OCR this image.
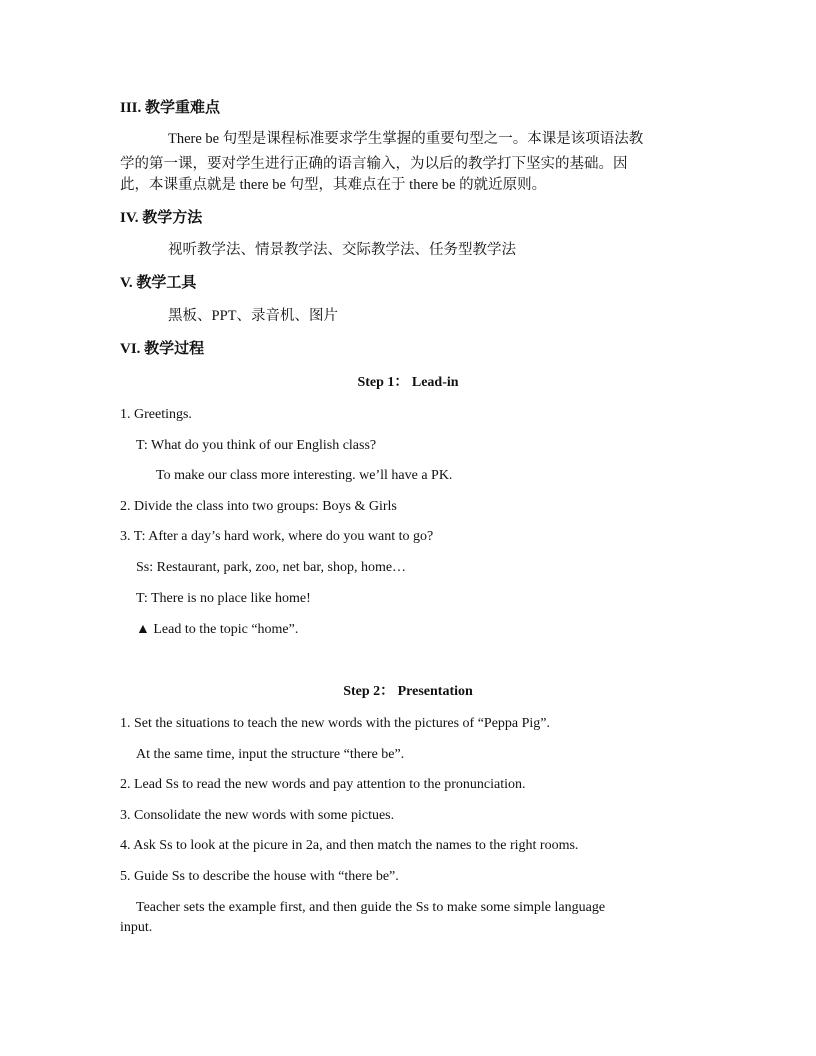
III. 教学重难点
There be 句型是课程标准要求学生掌握的重要句型之一。本课是该项语法教
学的第一课，要对学生进行正确的语言输入，为以后的教学打下坚实的基础。因
此，本课重点就是 there be 句型，其难点在于 there be 的就近原则。
IV. 教学方法
视听教学法、情景教学法、交际教学法、任务型教学法
V. 教学工具
黑板、PPT、录音机、图片
VI. 教学过程
Step 1： Lead-in
1. Greetings.
T: What do you think of our English class?
To make our class more interesting. we’ll have a PK.
2. Divide the class into two groups: Boys & Girls
3. T: After a day’s hard work, where do you want to go?
Ss: Restaurant, park, zoo, net bar, shop, home…
T: There is no place like home!
▲ Lead to the topic “home”.
Step 2： Presentation
1. Set the situations to teach the new words with the pictures of “Peppa Pig”.
At the same time, input the structure “there be”.
2. Lead Ss to read the new words and pay attention to the pronunciation.
3. Consolidate the new words with some pictues.
4. Ask Ss to look at the picure in 2a, and then match the names to the right rooms.
5. Guide Ss to describe the house with “there be”.
Teacher sets the example first, and then guide the Ss to make some simple language
input.
